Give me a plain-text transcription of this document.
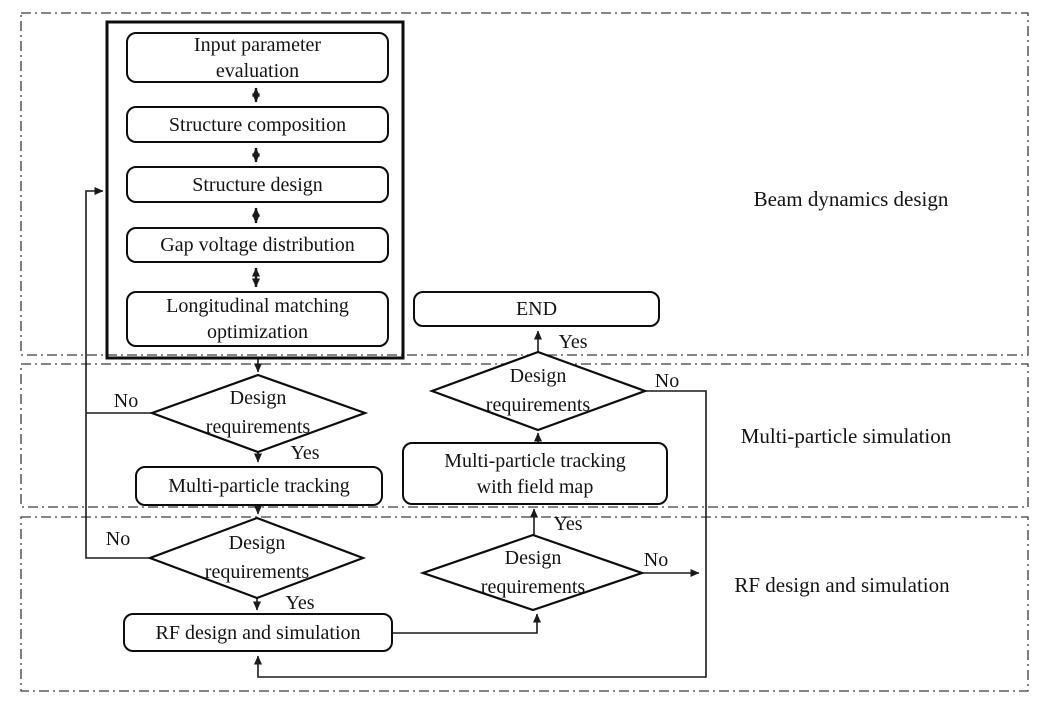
Input parameter
evaluation
Structure composition
Structure design
Gap voltage distribution
Longitudinal matching
optimization
END
Multi-particle tracking
Multi-particle tracking
with field map
RF design and simulation
Design
requirements
Design
requirements
Design
requirements
Design
requirements
No
Yes
No
Yes
No
Yes
No
Yes
Beam dynamics design
Multi-particle simulation
RF design and simulation
